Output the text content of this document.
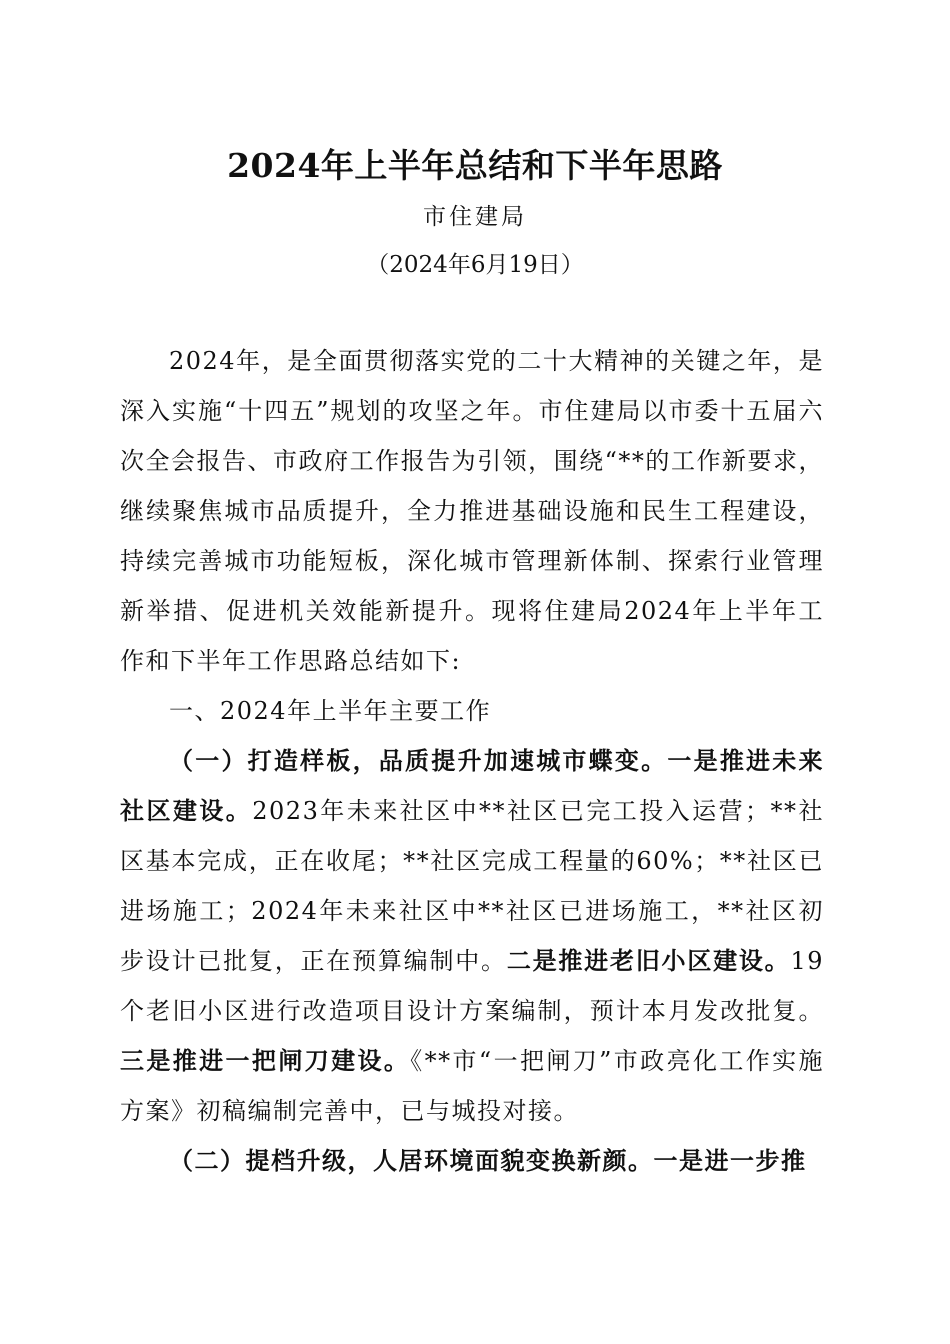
2024年上半年总结和下半年思路
市住建局
（2024年6月19日）

2024年，是全面贯彻落实党的二十大精神的关键之年，是深入实施“十四五”规划的攻坚之年。市住建局以市委十五届六次全会报告、市政府工作报告为引领，围绕“**的工作新要求，继续聚焦城市品质提升，全力推进基础设施和民生工程建设，持续完善城市功能短板，深化城市管理新体制、探索行业管理新举措、促进机关效能新提升。现将住建局2024年上半年工作和下半年工作思路总结如下:

一、2024年上半年主要工作

（一）打造样板，品质提升加速城市蝶变。一是推进未来社区建设。2023年未来社区中**社区已完工投入运营；**社区基本完成，正在收尾；**社区完成工程量的60%；**社区已进场施工；2024年未来社区中**社区已进场施工，**社区初步设计已批复，正在预算编制中。二是推进老旧小区建设。19个老旧小区进行改造项目设计方案编制，预计本月发改批复。三是推进一把闸刀建设。《**市“一把闸刀”市政亮化工作实施方案》初稿编制完善中，已与城投对接。

（二）提档升级，人居环境面貌变换新颜。一是进一步推
